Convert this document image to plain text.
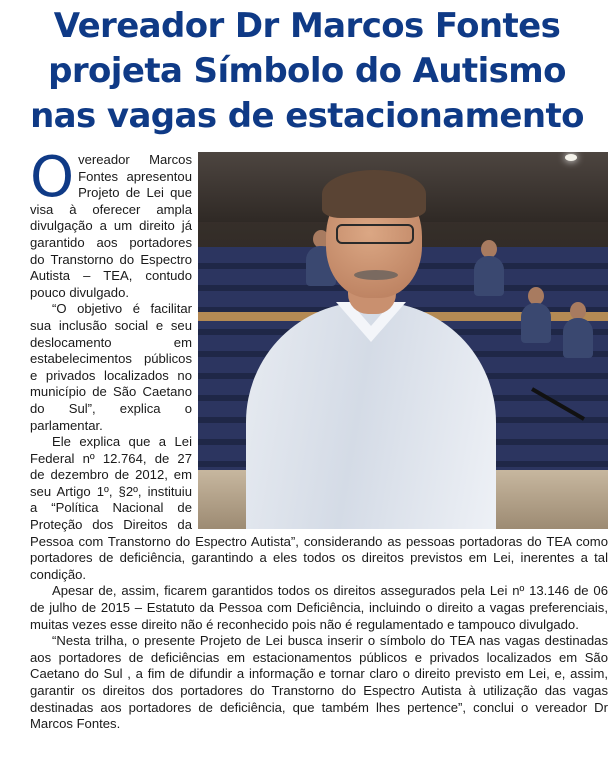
Vereador Dr Marcos Fontes
projeta Símbolo do Autismo
nas vagas de estacionamento

Overeador Marcos Fontes apresentou Projeto de Lei que visa à oferecer ampla divulgação a um direito já garantido aos portadores do Transtorno do Espectro Autista – TEA, contudo pouco divulgado.

“O objetivo é facilitar sua inclusão social e seu deslocamento em estabelecimentos públicos e privados localizados no município de São Caetano do Sul”, explica o parlamentar.

Ele explica que a Lei Federal nº 12.764, de 27 de dezembro de 2012, em seu Artigo 1º, §2º, instituiu a “Política Nacional de Proteção dos Direitos da Pessoa com Transtorno do Espectro Autista”, considerando as pessoas portadoras do TEA como portadores de deficiência, garantindo a eles todos os direitos previstos em Lei, inerentes a tal condição.

Apesar de, assim, ficarem garantidos todos os direitos assegurados pela Lei nº 13.146 de 06 de julho de 2015 – Estatuto da Pessoa com Deficiência, incluindo o direito a vagas preferenciais, muitas vezes esse direito não é reconhecido pois não é regulamentado e tampouco divulgado.

“Nesta trilha, o presente Projeto de Lei busca inserir o símbolo do TEA nas vagas destinadas aos portadores de deficiências em estacionamentos públicos e privados localizados em São Caetano do Sul , a fim de difundir a informação e tornar claro o direito previsto em Lei, e, assim, garantir os direitos dos portadores do Transtorno do Espectro Autista à utilização das vagas destinadas aos portadores de deficiência, que também lhes pertence”, conclui o vereador Dr Marcos Fontes.
